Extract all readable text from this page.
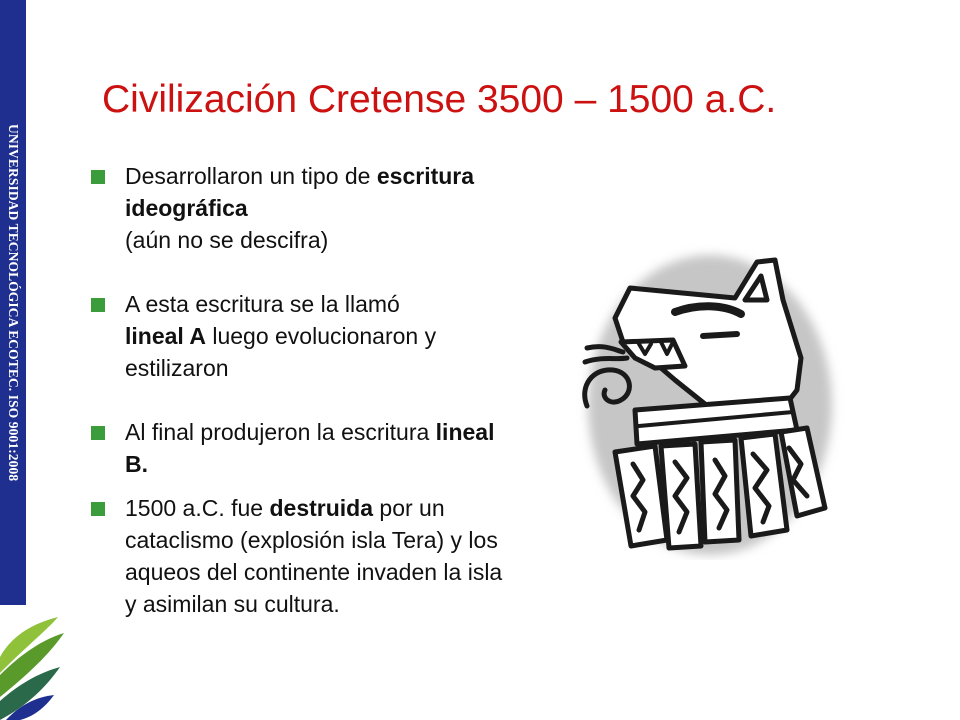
UNIVERSIDAD TECNOLÓGICA ECOTEC. ISO 9001:2008
Civilización Cretense 3500 – 1500 a.C.
Desarrollaron un tipo de escritura ideográfica
(aún no se descifra)
A esta escritura se la llamó
lineal A luego evolucionaron y estilizaron
Al final produjeron la escritura lineal B.
1500 a.C. fue destruida por un cataclismo (explosión isla Tera) y los aqueos del continente invaden la isla y asimilan su cultura.
